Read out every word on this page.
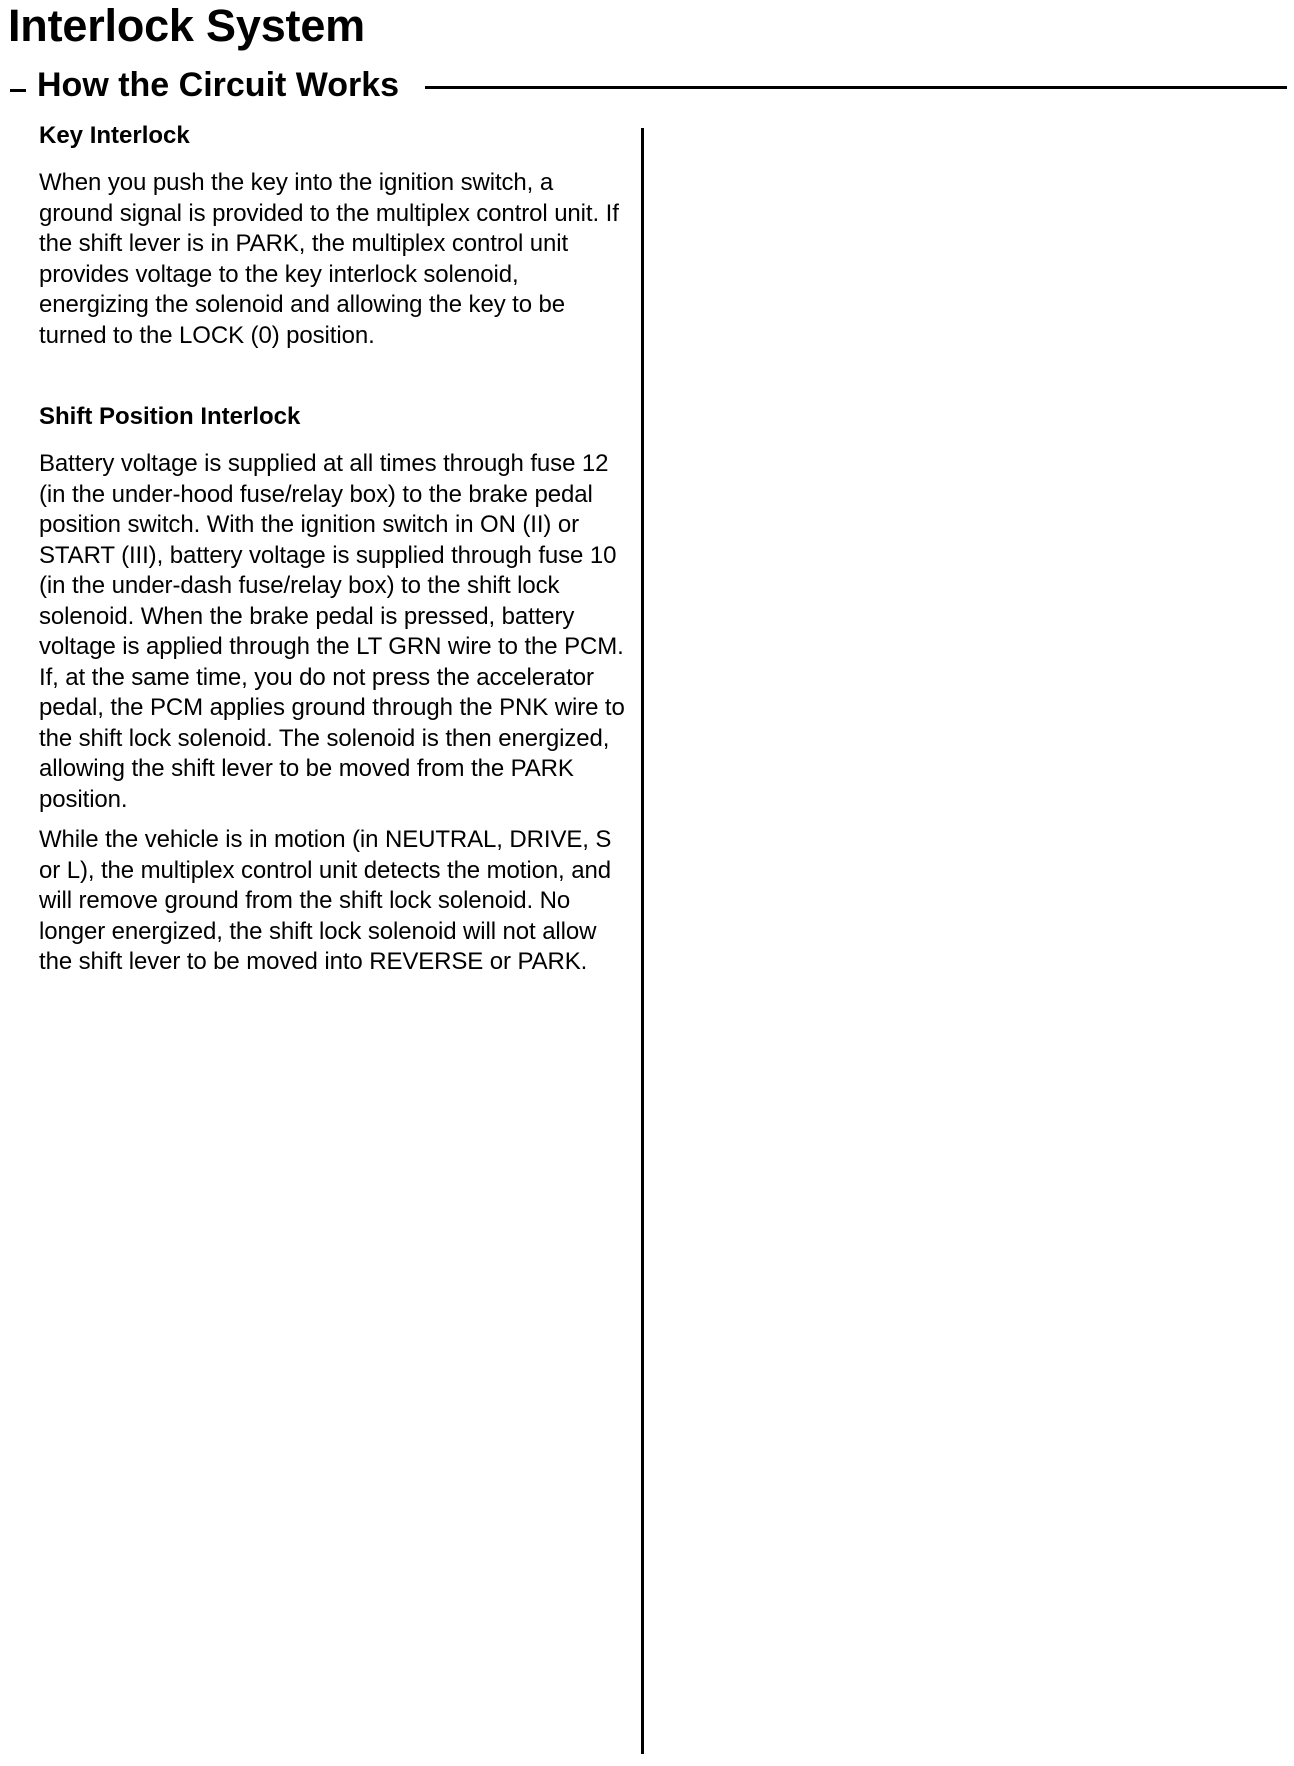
Interlock System
How the Circuit Works
Key Interlock

When you push the key into the ignition switch, a ground signal is provided to the multiplex control unit. If the shift lever is in PARK, the multiplex control unit provides voltage to the key interlock solenoid, energizing the solenoid and allowing the key to be turned to the LOCK (0) position.

Shift Position Interlock

Battery voltage is supplied at all times through fuse 12 (in the under-hood fuse/relay box) to the brake pedal position switch. With the ignition switch in ON (II) or START (III), battery voltage is supplied through fuse 10 (in the under-dash fuse/relay box) to the shift lock solenoid. When the brake pedal is pressed, battery voltage is applied through the LT GRN wire to the PCM. If, at the same time, you do not press the accelerator pedal, the PCM applies ground through the PNK wire to the shift lock solenoid. The solenoid is then energized, allowing the shift lever to be moved from the PARK position.

While the vehicle is in motion (in NEUTRAL, DRIVE, S or L), the multiplex control unit detects the motion, and will remove ground from the shift lock solenoid. No longer energized, the shift lock solenoid will not allow the shift lever to be moved into REVERSE or PARK.
